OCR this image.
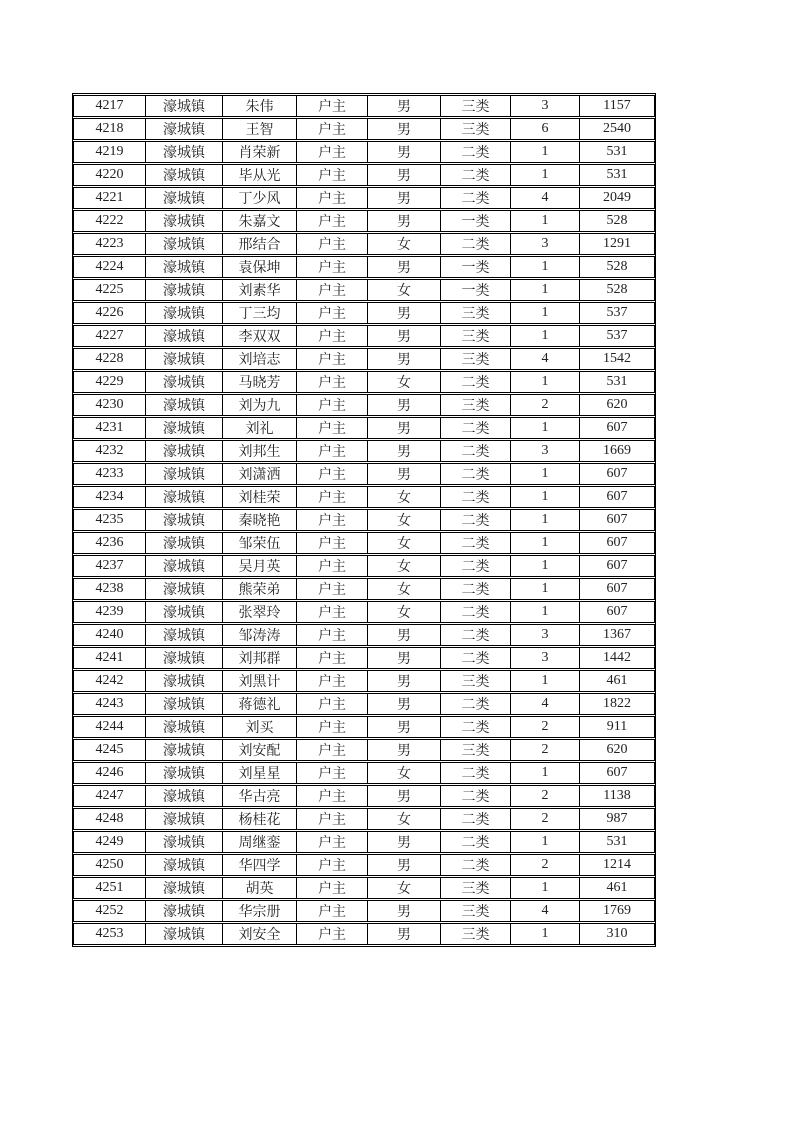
4217	濠城镇	朱伟	户主	男	三类	3	1157
4218	濠城镇	王智	户主	男	三类	6	2540
4219	濠城镇	肖荣新	户主	男	二类	1	531
4220	濠城镇	毕从光	户主	男	二类	1	531
4221	濠城镇	丁少风	户主	男	二类	4	2049
4222	濠城镇	朱嘉文	户主	男	一类	1	528
4223	濠城镇	邢结合	户主	女	二类	3	1291
4224	濠城镇	袁保坤	户主	男	一类	1	528
4225	濠城镇	刘素华	户主	女	一类	1	528
4226	濠城镇	丁三均	户主	男	三类	1	537
4227	濠城镇	李双双	户主	男	三类	1	537
4228	濠城镇	刘培志	户主	男	三类	4	1542
4229	濠城镇	马晓芳	户主	女	二类	1	531
4230	濠城镇	刘为九	户主	男	三类	2	620
4231	濠城镇	刘礼	户主	男	二类	1	607
4232	濠城镇	刘邦生	户主	男	二类	3	1669
4233	濠城镇	刘潇洒	户主	男	二类	1	607
4234	濠城镇	刘桂荣	户主	女	二类	1	607
4235	濠城镇	秦晓艳	户主	女	二类	1	607
4236	濠城镇	邹荣伍	户主	女	二类	1	607
4237	濠城镇	吴月英	户主	女	二类	1	607
4238	濠城镇	熊荣弟	户主	女	二类	1	607
4239	濠城镇	张翠玲	户主	女	二类	1	607
4240	濠城镇	邹涛涛	户主	男	二类	3	1367
4241	濠城镇	刘邦群	户主	男	二类	3	1442
4242	濠城镇	刘黑计	户主	男	三类	1	461
4243	濠城镇	蒋德礼	户主	男	二类	4	1822
4244	濠城镇	刘买	户主	男	二类	2	911
4245	濠城镇	刘安配	户主	男	三类	2	620
4246	濠城镇	刘星星	户主	女	二类	1	607
4247	濠城镇	华古亮	户主	男	二类	2	1138
4248	濠城镇	杨桂花	户主	女	二类	2	987
4249	濠城镇	周继銮	户主	男	二类	1	531
4250	濠城镇	华四学	户主	男	二类	2	1214
4251	濠城镇	胡英	户主	女	三类	1	461
4252	濠城镇	华宗册	户主	男	三类	4	1769
4253	濠城镇	刘安全	户主	男	三类	1	310
